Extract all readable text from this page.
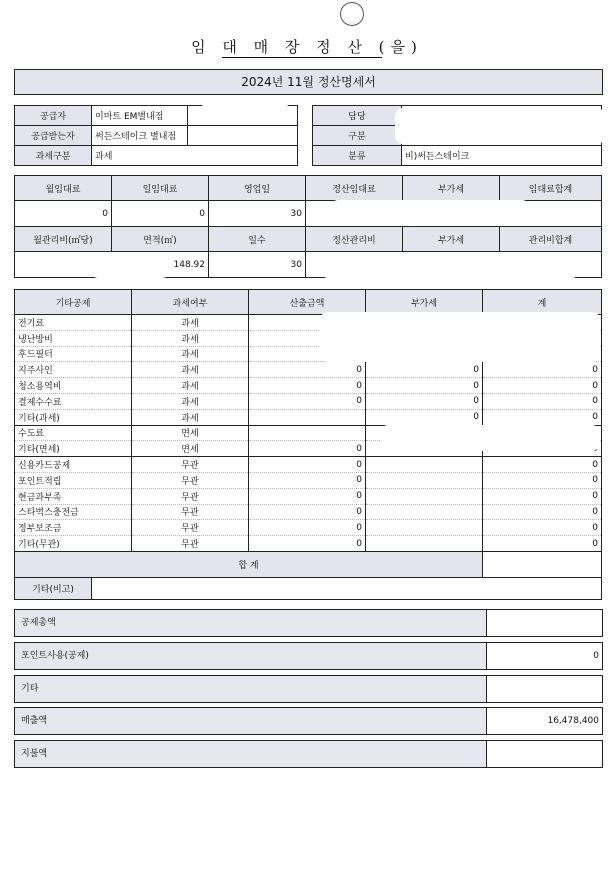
임 대 매 장 정 산 (을)
2024년 11월 정산명세서
공급자	이마트 EM별내점			담당	
공급받는자	써든스테이크 별내점			구분	
과세구분	과세			분류	비)써든스테이크
월임대료	일임대료	영업일	정산임대료	부가세	임대료합계
0	0	30			
월관리비(㎡당)	면적(㎡)	일수	정산관리비	부가세	관리비합계
	148.92	30			
기타공제		과세여부	산출금액	부가세	계
전기료		과세			
냉난방비		과세			
후드필터		과세			
지주사인		과세	0	0	0
청소용역비		과세	0	0	0
결제수수료		과세	0	0	0
기타(과세)		과세		0	0
수도료		면세			
기타(면세)		면세	0		
신용카드공제		무관	0		0
포인트적립		무관	0		0
현금과부족		무관	0		0
스타벅스충전금		무관	0		0
정부보조금		무관	0		0
기타(무관)		무관	0		0
합 계					
기타(비고)					
공제총액
포인트사용(공제)	0
기타
매출액	16,478,400
지불액
